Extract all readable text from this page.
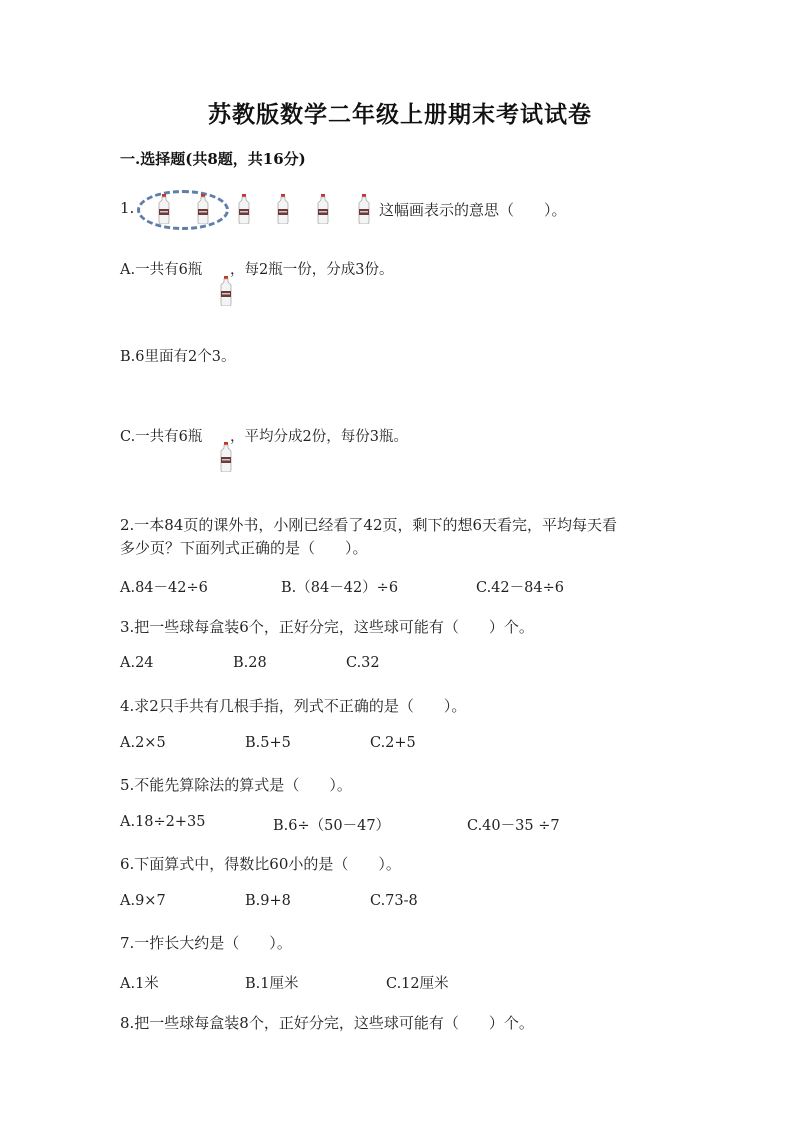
苏教版数学二年级上册期末考试试卷
一.选择题(共8题，共16分)
1.	这幅画表示的意思（　　）。
A.一共有6瓶 ，每2瓶一份，分成3份。
B.6里面有2个3。
C.一共有6瓶 ，平均分成2份，每份3瓶。
2.一本84页的课外书，小刚已经看了42页，剩下的想6天看完，平均每天看
多少页？下面列式正确的是（　　）。
A.84－42÷6	B.（84－42）÷6	C.42－84÷6
3.把一些球每盒装6个，正好分完，这些球可能有（　　）个。
A.24	B.28	C.32
4.求2只手共有几根手指，列式不正确的是（　　）。
A.2×5	B.5+5	C.2+5
5.不能先算除法的算式是（　　）。
A.18÷2+35	B.6÷（50－47）	C.40－35 ÷7
6.下面算式中，得数比60小的是（　　）。
A.9×7	B.9+8	C.73-8
7.一拃长大约是（　　）。
A.1米	B.1厘米	C.12厘米
8.把一些球每盒装8个，正好分完，这些球可能有（　　）个。
